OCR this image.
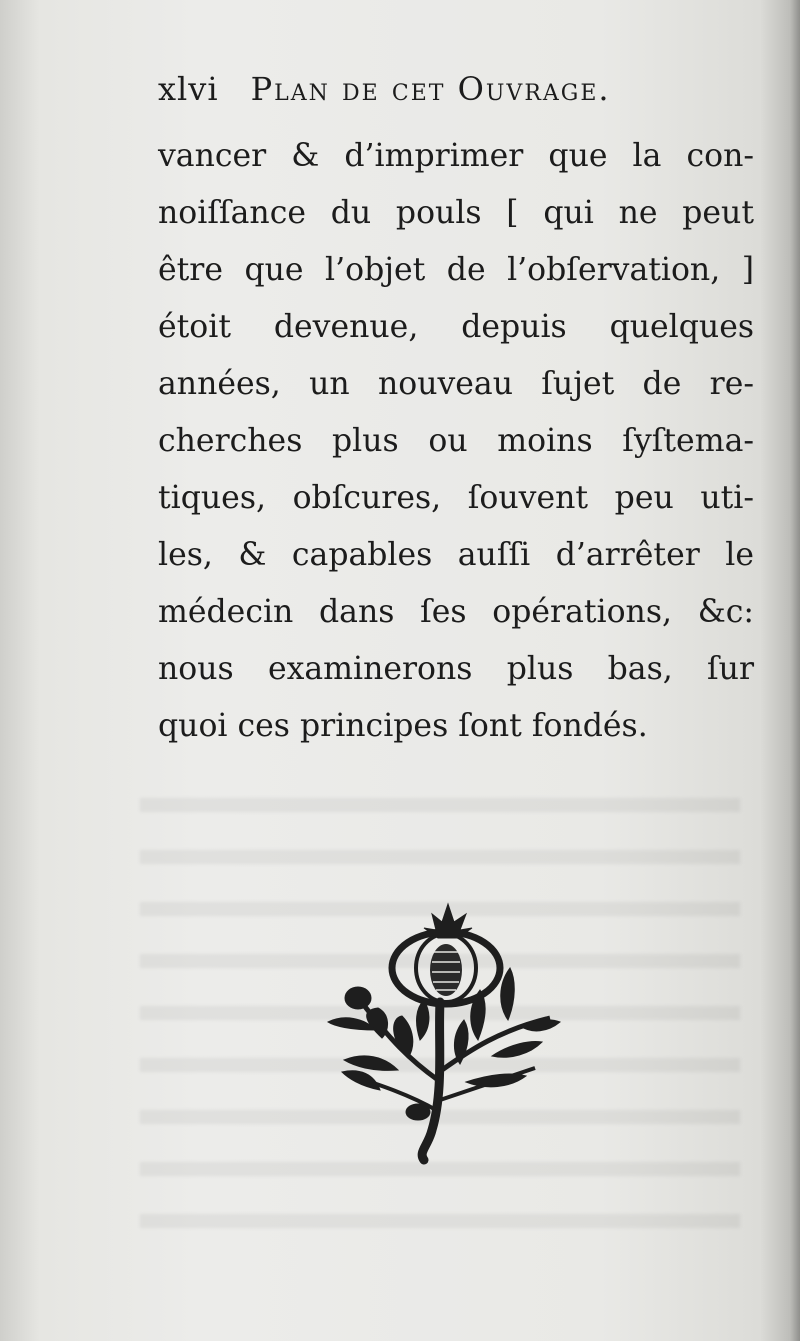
xlvi Plan de cet Ouvrage.
vancer & d’imprimer que la con-
noiſſance du pouls [ qui ne peut
être que l’objet de l’obſervation, ]
étoit devenue, depuis quelques
années, un nouveau ſujet de re-
cherches plus ou moins ſyſtema-
tiques, obſcures, ſouvent peu uti-
les, & capables auſſi d’arrêter le
médecin dans ſes opérations, &c:
nous examinerons plus bas, ſur
quoi ces principes ſont fondés.
